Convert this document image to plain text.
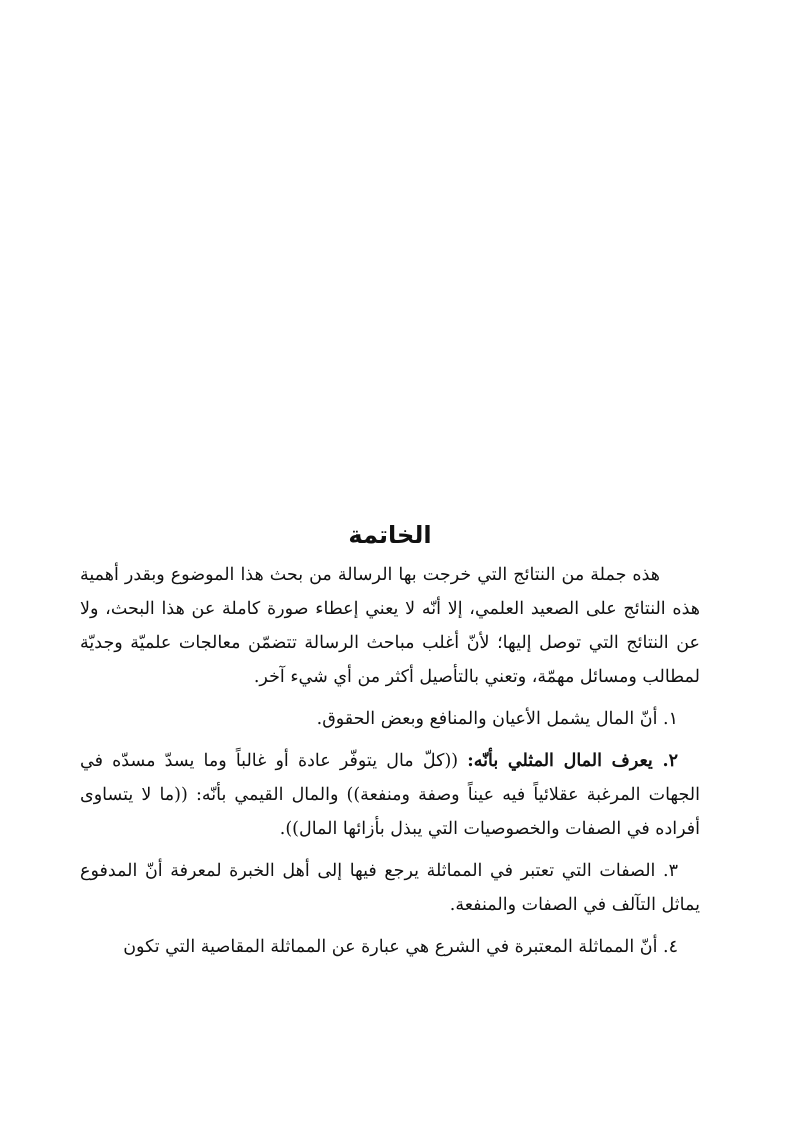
الخاتمة

هذه جملة من النتائج التي خرجت بها الرسالة من بحث هذا الموضوع وبقدر أهمية هذه النتائج على الصعيد العلمي، إلا أنّه لا يعني إعطاء صورة كاملة عن هذا البحث، ولا عن النتائج التي توصل إليها؛ لأنّ أغلب مباحث الرسالة تتضمّن معالجات علميّة وجديّة لمطالب ومسائل مهمّة، وتعني بالتأصيل أكثر من أي شيء آخر.

١. أنّ المال يشمل الأعيان والمنافع وبعض الحقوق.

٢. يعرف المال المثلي بأنّه: ((كلّ مال يتوفّر عادة أو غالباً وما يسدّ مسدّه في الجهات المرغبة عقلائياً فيه عيناً وصفة ومنفعة)) والمال القيمي بأنّه: ((ما لا يتساوى أفراده في الصفات والخصوصيات التي يبذل بأزائها المال)).

٣. الصفات التي تعتبر في المماثلة يرجع فيها إلى أهل الخبرة لمعرفة أنّ المدفوع يماثل التآلف في الصفات والمنفعة.

٤. أنّ المماثلة المعتبرة في الشرع هي عبارة عن المماثلة المقاصية التي تكون
